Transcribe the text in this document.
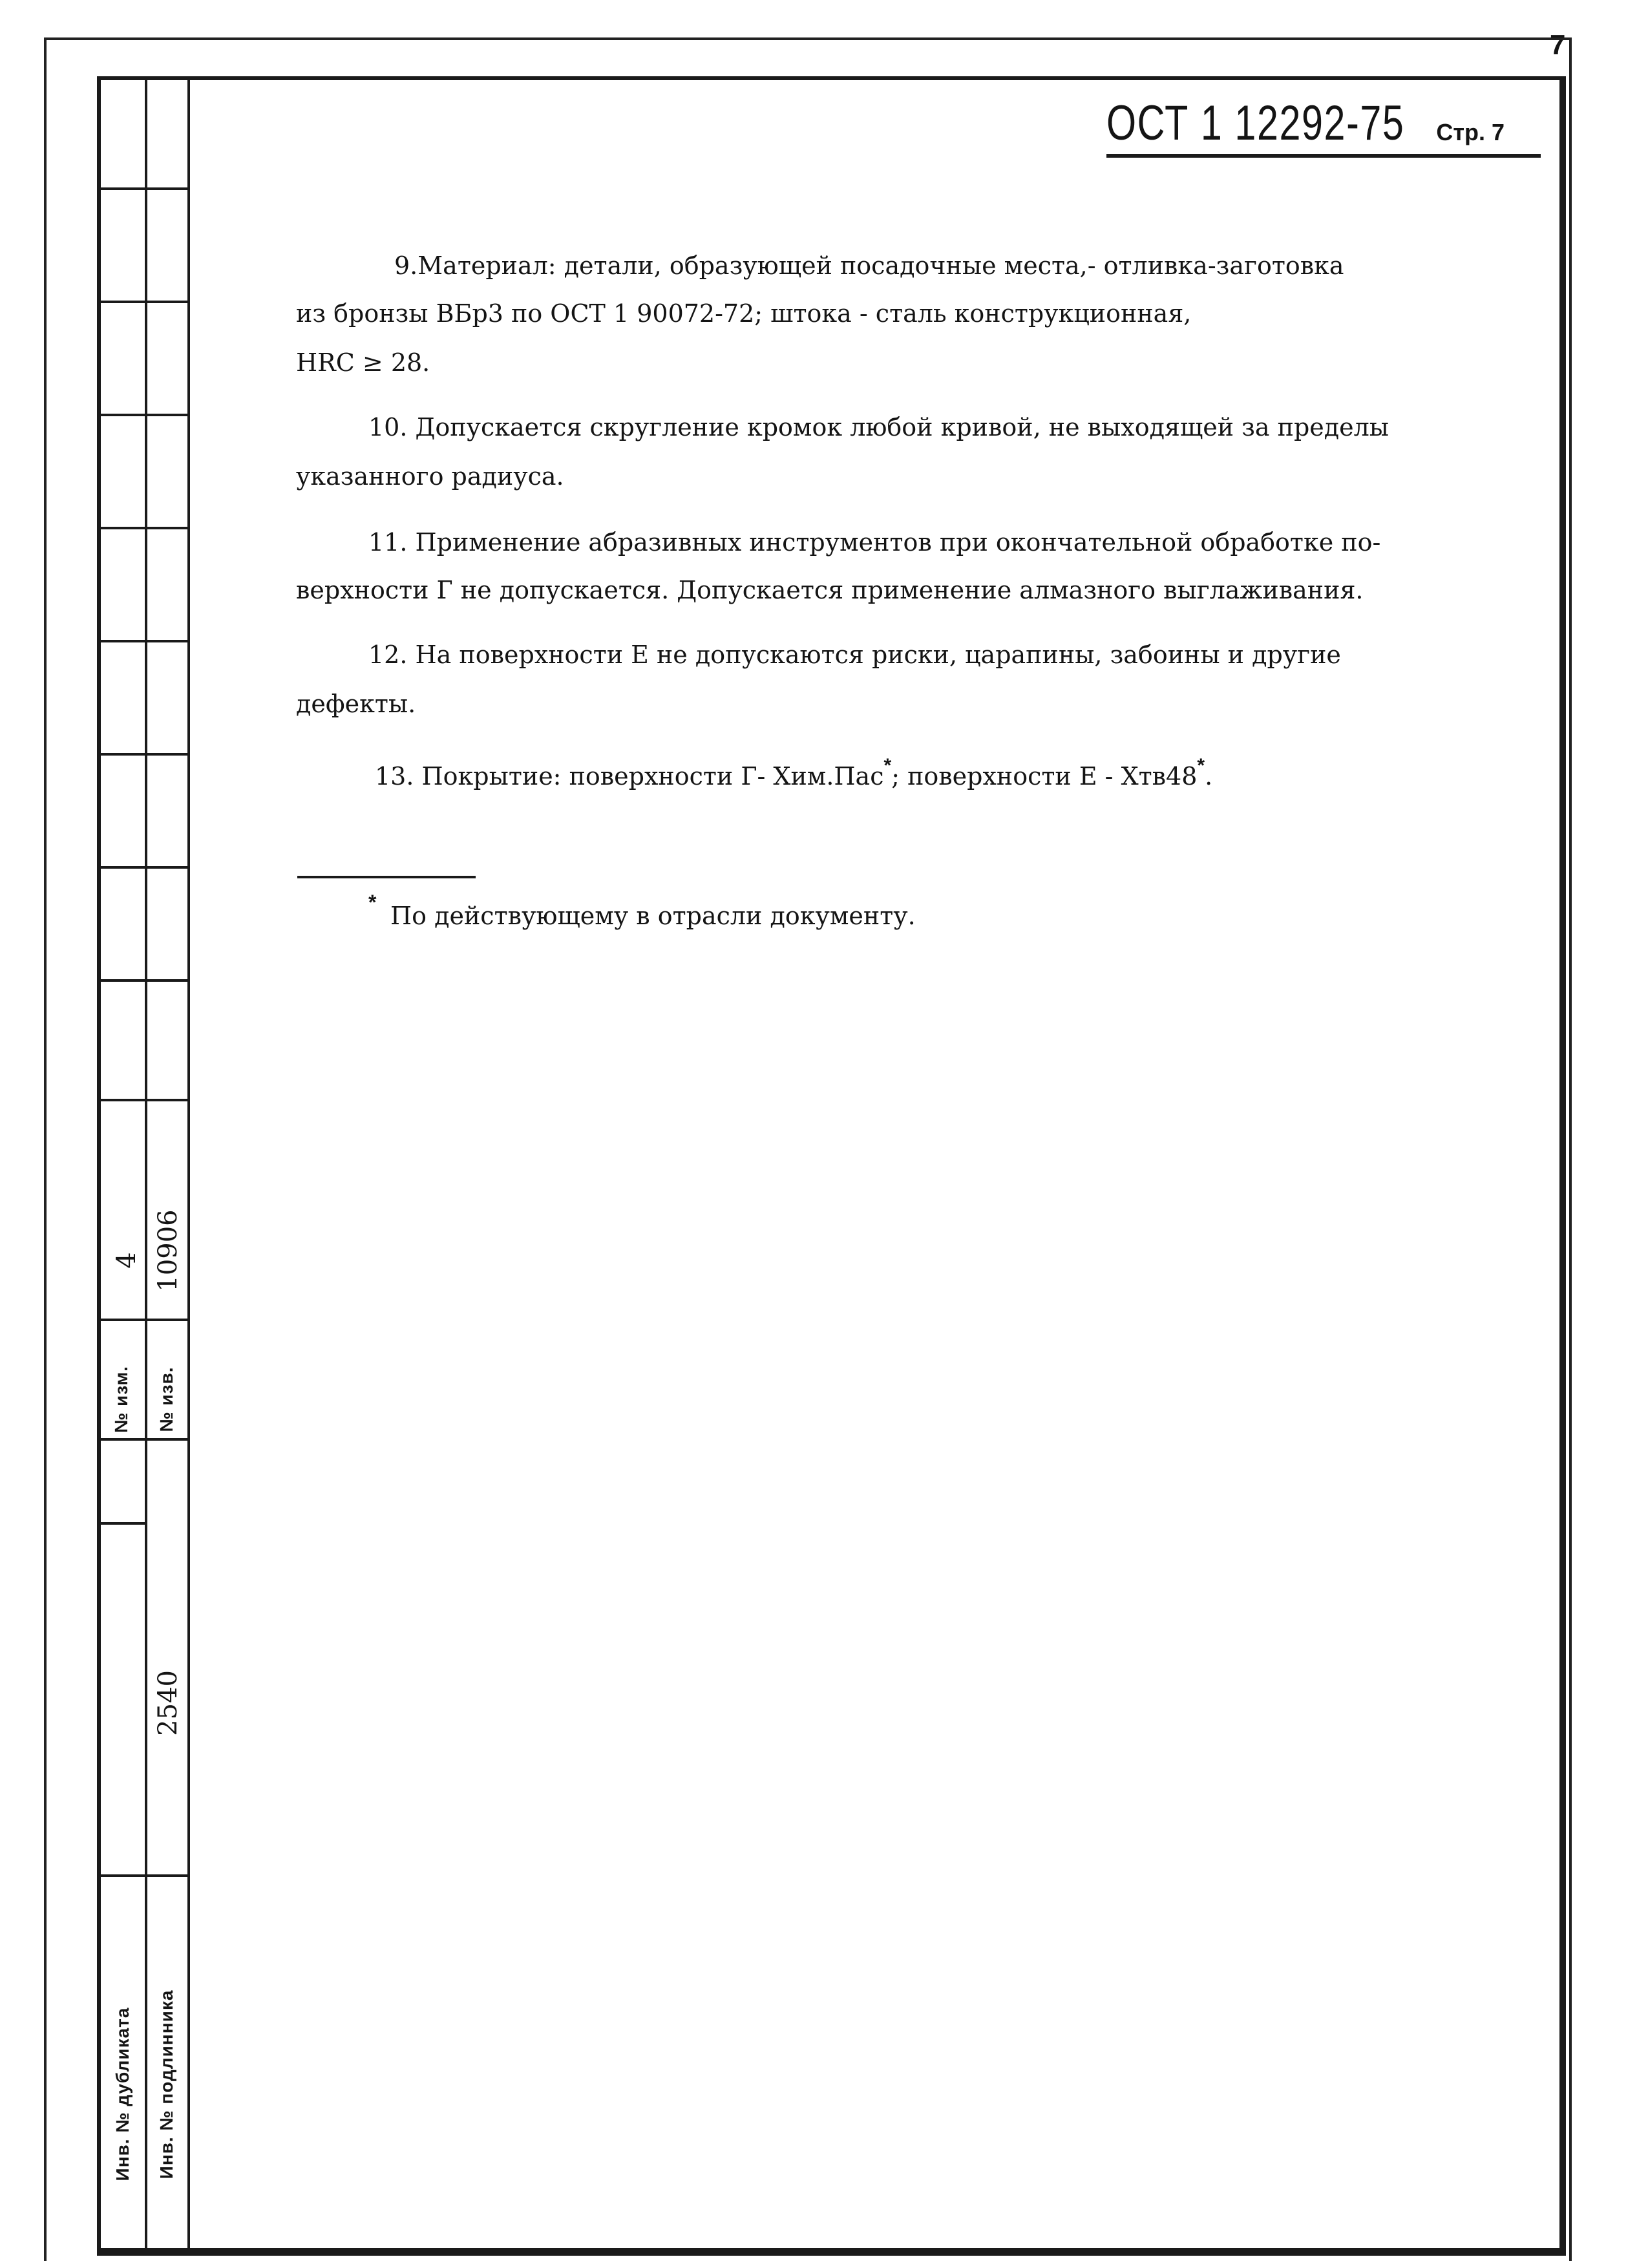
7
№ изм.
4
№ изв.
10906
2540
Инв. № дубликата Инв. № подлинника
ОСТ 1 12292-75 Стр. 7
9.Материал: детали, образующей посадочные места,- отливка-заготовка
из бронзы ВБр3 по ОСТ 1 90072-72; штока - сталь конструкционная,
HRC ≥ 28.
10. Допускается скругление кромок любой кривой, не выходящей за пределы
указанного радиуса.
11. Применение абразивных инструментов при окончательной обработке по-
верхности Г не допускается. Допускается применение алмазного выглаживания.
12. На поверхности Е не допускаются риски, царапины, забоины и другие
дефекты.
13. Покрытие: поверхности Г- Хим.Пас*; поверхности Е - Хтв48*.
* По действующему в отрасли документу.
